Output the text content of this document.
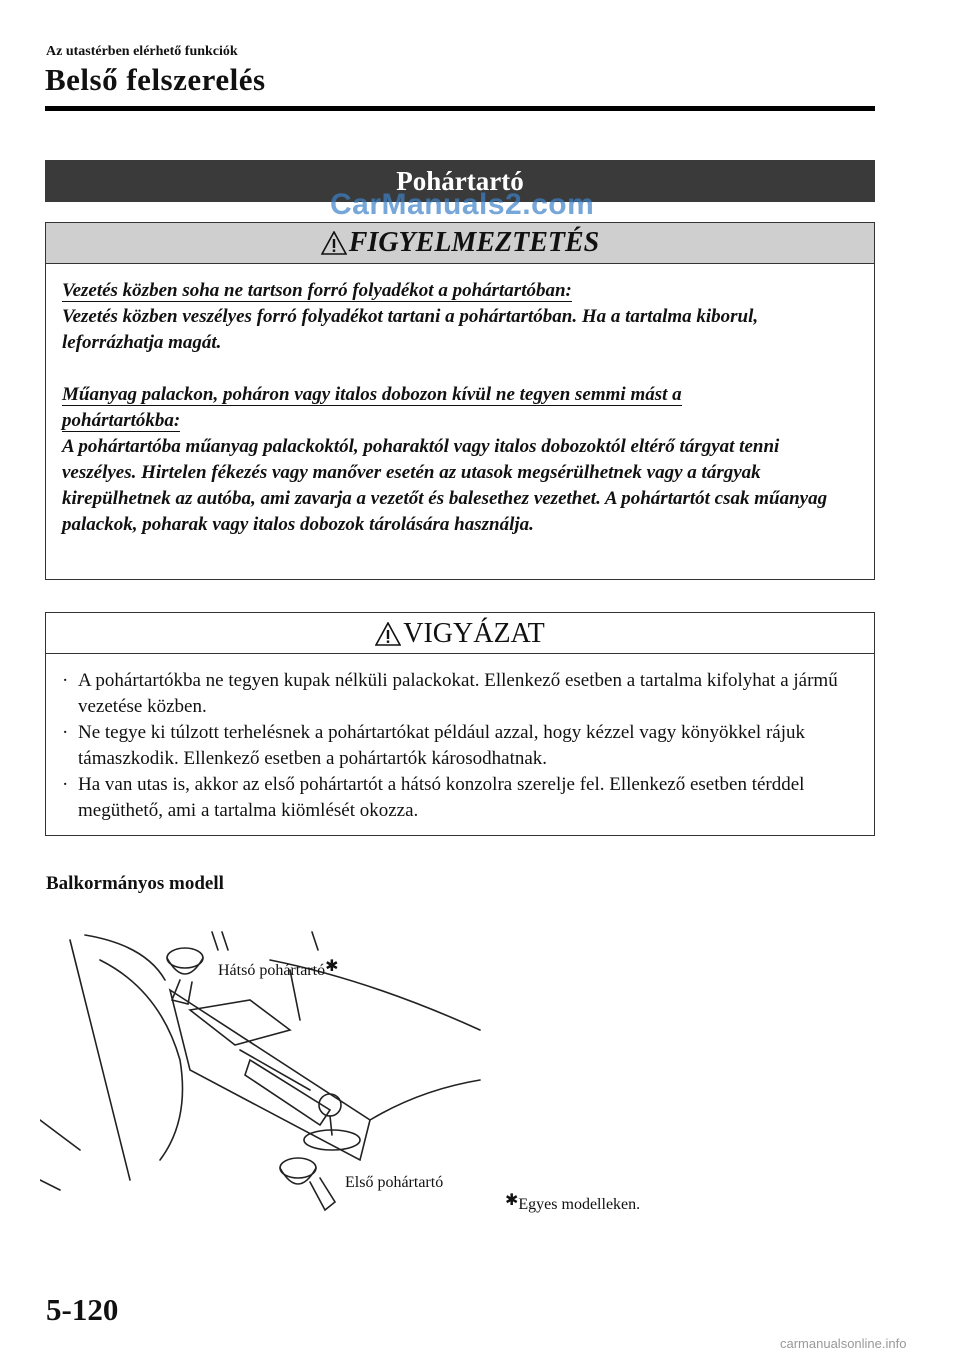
Az utastérben elérhető funkciók
Belső felszerelés
Pohártartó
CarManuals2.com
FIGYELMEZTETÉS

Vezetés közben soha ne tartson forró folyadékot a pohártartóban:

Vezetés közben veszélyes forró folyadékot tartani a pohártartóban. Ha a tartalma kiborul, leforrázhatja magát.

Műanyag palackon, poháron vagy italos dobozon kívül ne tegyen semmi mást a

pohártartókba:

A pohártartóba műanyag palackoktól, poharaktól vagy italos dobozoktól eltérő tárgyat tenni veszélyes. Hirtelen fékezés vagy manőver esetén az utasok megsérülhetnek vagy a tárgyak kirepülhetnek az autóba, ami zavarja a vezetőt és balesethez vezethet. A pohártartót csak műanyag palackok, poharak vagy italos dobozok tárolására használja.

VIGYÁZAT
· A pohártartókba ne tegyen kupak nélküli palackokat. Ellenkező esetben a tartalma kifolyhat a jármű vezetése közben.
· Ne tegye ki túlzott terhelésnek a pohártartókat például azzal, hogy kézzel vagy könyökkel rájuk támaszkodik. Ellenkező esetben a pohártartók károsodhatnak.
· Ha van utas is, akkor az első pohártartót a hátsó konzolra szerelje fel. Ellenkező esetben térddel megüthető, ami a tartalma kiömlését okozza.
Balkormányos modell
Hátsó pohártartó✱
Első pohártartó
✱Egyes modelleken.
5-120
carmanualsonline.info
